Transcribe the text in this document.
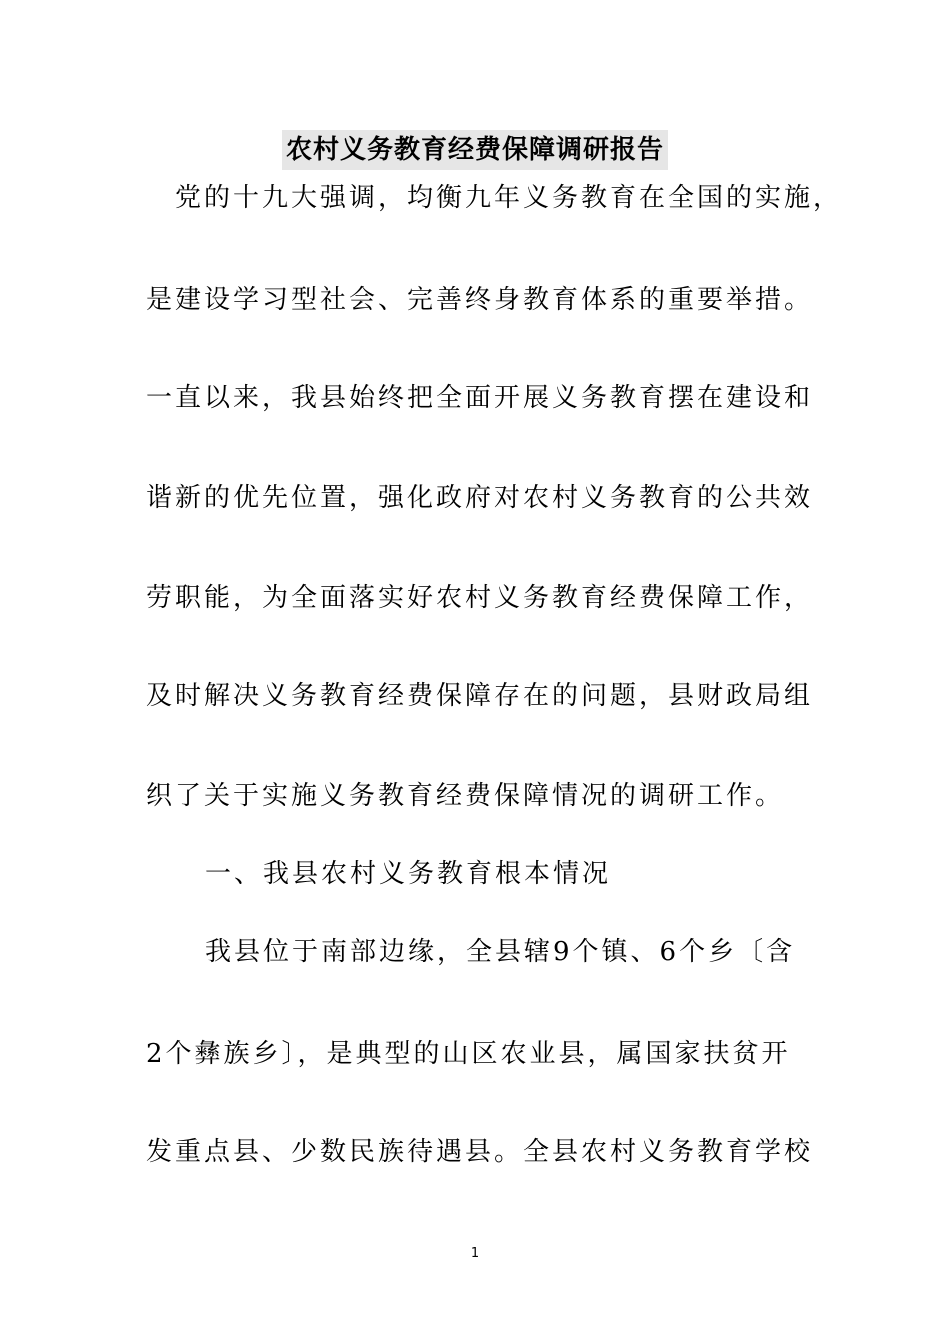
农村义务教育经费保障调研报告
　党的十九大强调，均衡九年义务教育在全国的实施，
是建设学习型社会、完善终身教育体系的重要举措。
一直以来，我县始终把全面开展义务教育摆在建设和
谐新的优先位置，强化政府对农村义务教育的公共效
劳职能，为全面落实好农村义务教育经费保障工作，
及时解决义务教育经费保障存在的问题，县财政局组
织了关于实施义务教育经费保障情况的调研工作。
　一、我县农村义务教育根本情况
　我县位于南部边缘，全县辖9个镇、6个乡〔含
2个彝族乡〕，是典型的山区农业县，属国家扶贫开
发重点县、少数民族待遇县。全县农村义务教育学校
1
